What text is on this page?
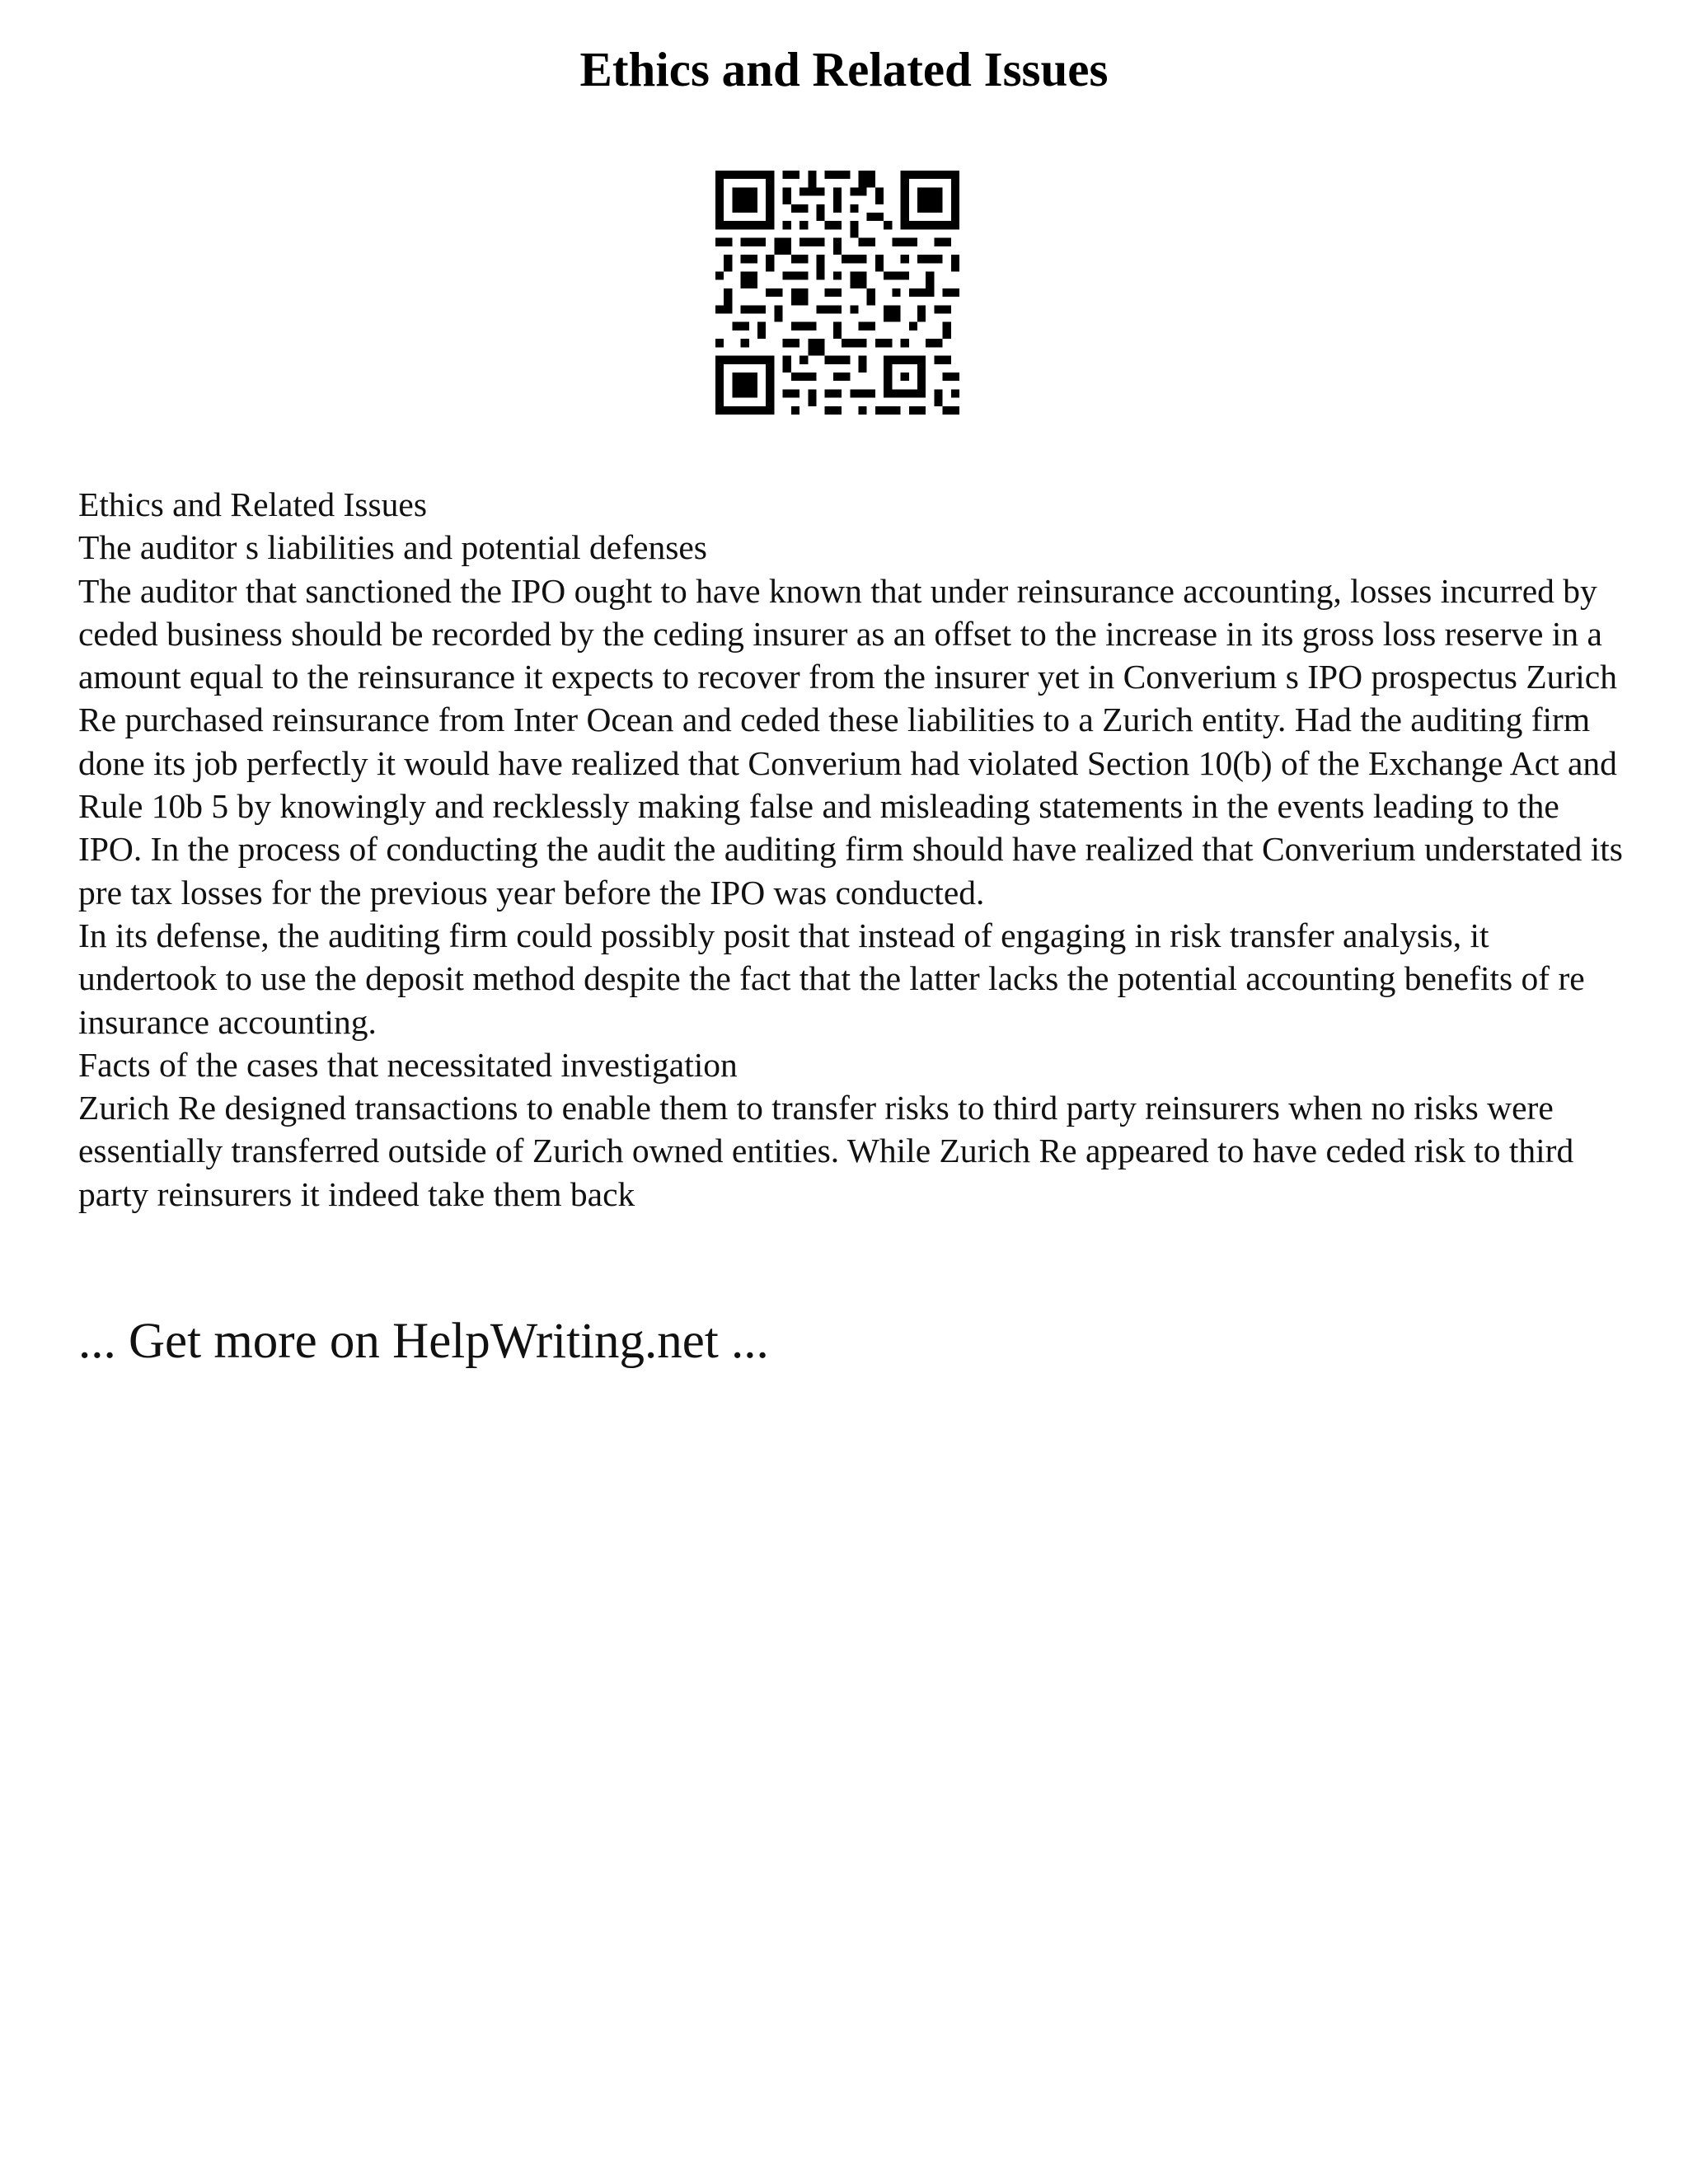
Ethics and Related Issues

Ethics and Related Issues

The auditor s liabilities and potential defenses

The auditor that sanctioned the IPO ought to have known that under reinsurance accounting, losses incurred by ceded business should be recorded by the ceding insurer as an offset to the increase in its gross loss reserve in a amount equal to the reinsurance it expects to recover from the insurer yet in Converium s IPO prospectus Zurich Re purchased reinsurance from Inter Ocean and ceded these liabilities to a Zurich entity. Had the auditing firm done its job perfectly it would have realized that Converium had violated Section 10(b) of the Exchange Act and Rule 10b 5 by knowingly and recklessly making false and misleading statements in the events leading to the IPO. In the process of conducting the audit the auditing firm should have realized that Converium understated its pre tax losses for the previous year before the IPO was conducted.

In its defense, the auditing firm could possibly posit that instead of engaging in risk transfer analysis, it undertook to use the deposit method despite the fact that the latter lacks the potential accounting benefits of re insurance accounting.

Facts of the cases that necessitated investigation

Zurich Re designed transactions to enable them to transfer risks to third party reinsurers when no risks were essentially transferred outside of Zurich owned entities. While Zurich Re appeared to have ceded risk to third party reinsurers it indeed take them back

... Get more on HelpWriting.net ...
